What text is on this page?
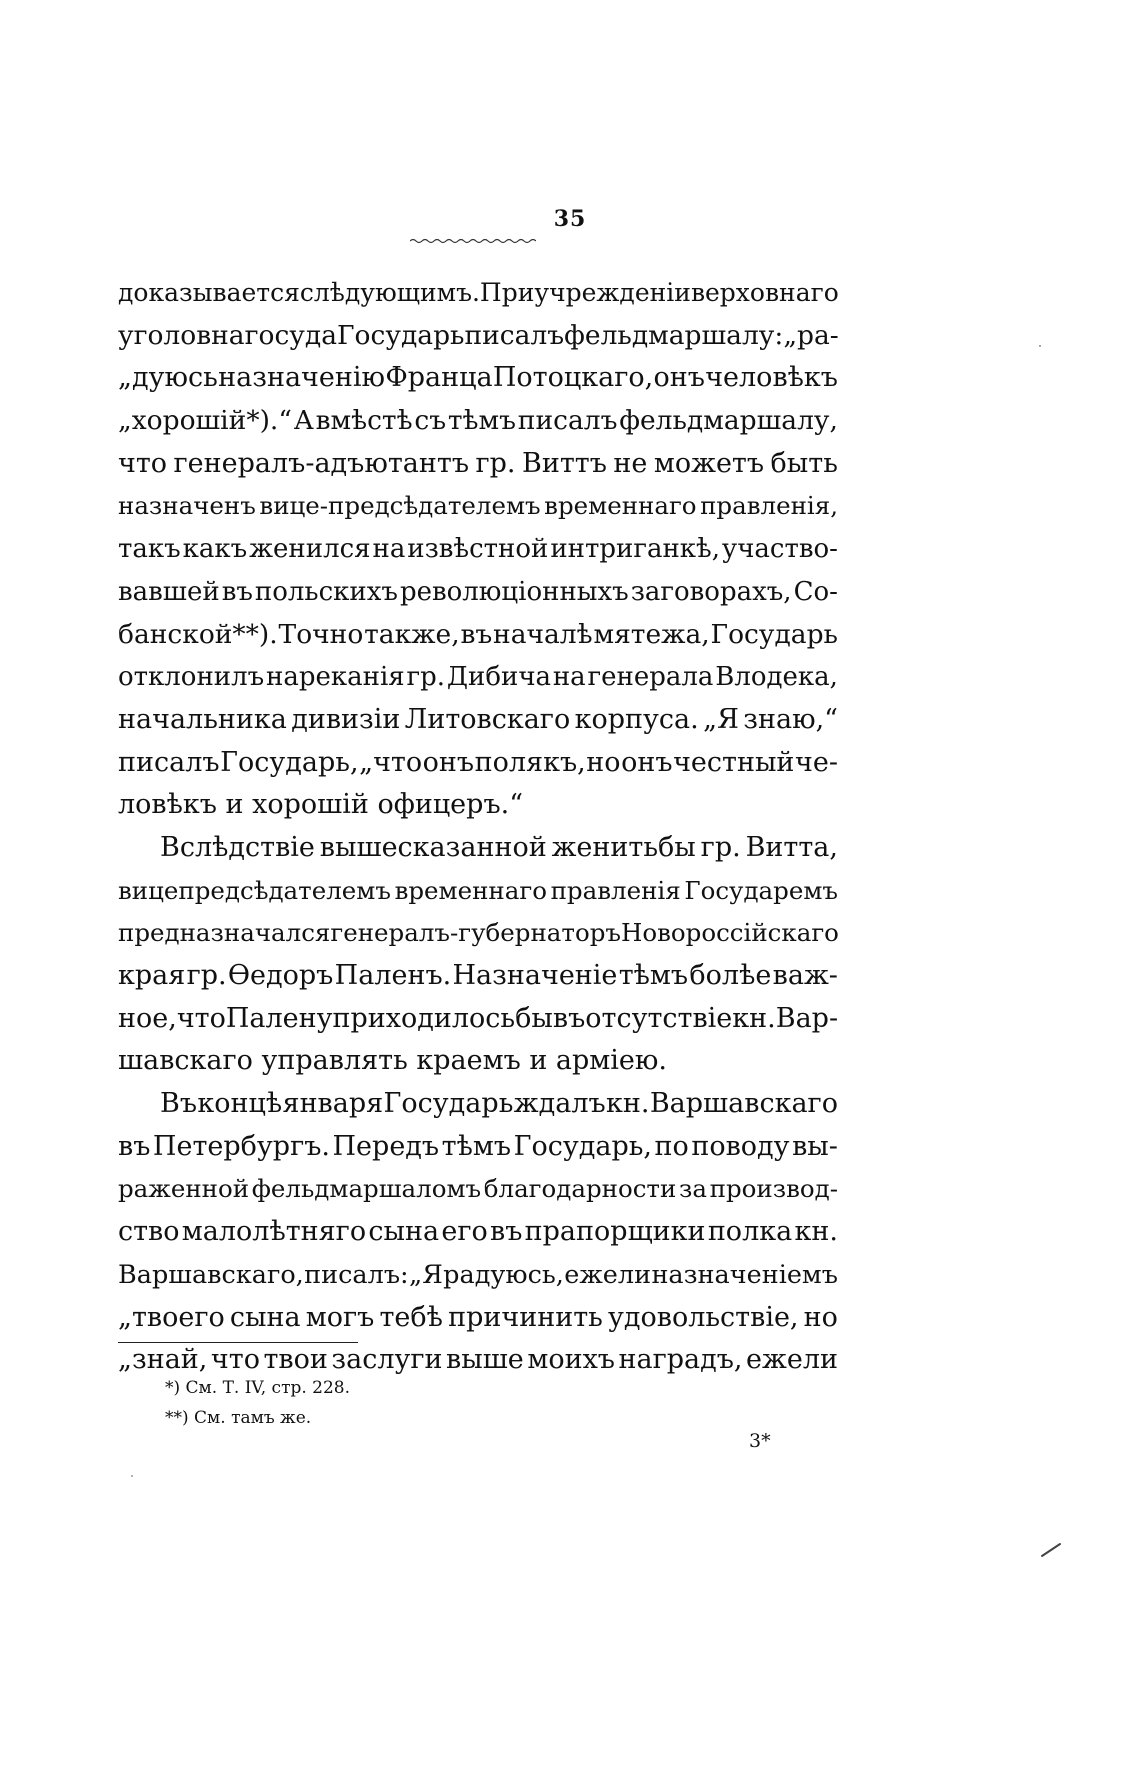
35
доказывается слѣдующимъ. При учрежденіи верховнаго
уголовнаго суда Государь писалъ фельдмаршалу: „ра-
„дуюсь назначенію Франца Потоцкаго, онъ человѣкъ
„хорошій*).“ А вмѣстѣ съ тѣмъ писалъ фельдмаршалу,
что генералъ-адъютантъ гр. Виттъ не можетъ быть
назначенъ вице-предсѣдателемъ временнаго правленія,
такъ какъ женился на извѣстной интриганкѣ, участво-
вавшей въ польскихъ революціонныхъ заговорахъ, Со-
банской**). Точно также, въ началѣ мятежа, Государь
отклонилъ нареканія гр. Дибича на генерала Влодека,
начальника дивизіи Литовскаго корпуса. „Я знаю,“
писалъ Государь, „что онъ полякъ, но онъ честный че-
ловѣкъ и хорошій офицеръ.“
Вслѣдствіе вышесказанной женитьбы гр. Витта,
вицепредсѣдателемъ временнаго правленія Государемъ
предназначался генералъ-губернаторъ Новороссійскаго
края гр. Ѳедоръ Паленъ. Назначеніе тѣмъ болѣе важ-
ное, что Палену приходилось бы въ отсутствіе кн. Вар-
шавскаго управлять краемъ и арміею.
Въ концѣ января Государь ждалъ кн. Варшавскаго
въ Петербургъ. Передъ тѣмъ Государь, по поводу вы-
раженной фельдмаршаломъ благодарности за производ-
ство малолѣтняго сына его въ прапорщики полка кн.
Варшавскаго, писалъ: „Я радуюсь, ежели назначеніемъ
„твоего сына могъ тебѣ причинить удовольствіе, но
„знай, что твои заслуги выше моихъ наградъ, ежели
*) См. Т. IV, стр. 228.
**) См. тамъ же.
3*
